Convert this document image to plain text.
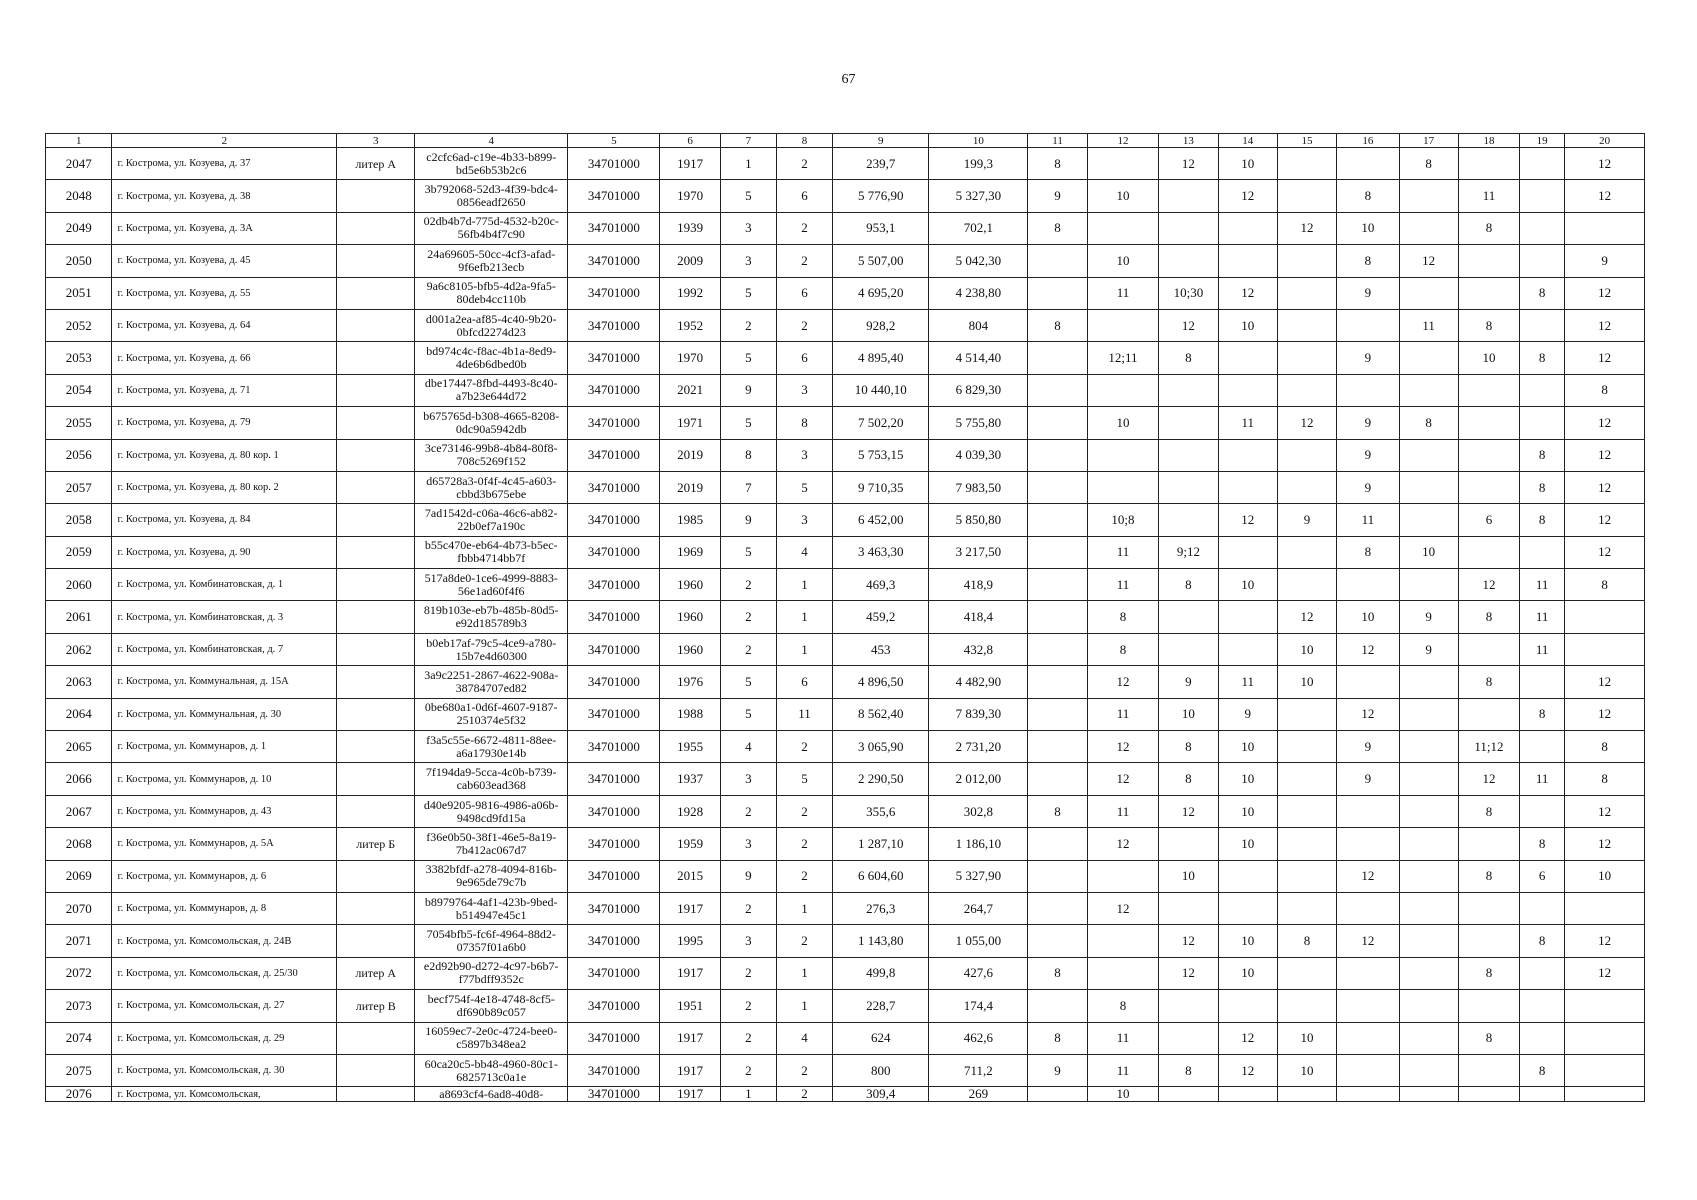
67
1	2	3	4	5	6	7	8	9	10	11	12	13	14	15	16	17	18	19	20
2047	г. Кострома, ул. Козуева, д. 37	литер А	c2cfc6ad-c19e-4b33-b899-bd5e6b53b2c6	34701000	1917	1	2	239,7	199,3	8		12	10			8			12
2048	г. Кострома, ул. Козуева, д. 38		3b792068-52d3-4f39-bdc4-0856eadf2650	34701000	1970	5	6	5 776,90	5 327,30	9	10		12		8		11		12
2049	г. Кострома, ул. Козуева, д. 3А		02db4b7d-775d-4532-b20c-56fb4b4f7c90	34701000	1939	3	2	953,1	702,1	8				12	10		8		
2050	г. Кострома, ул. Козуева, д. 45		24a69605-50cc-4cf3-afad-9f6efb213ecb	34701000	2009	3	2	5 507,00	5 042,30		10				8	12			9
2051	г. Кострома, ул. Козуева, д. 55		9a6c8105-bfb5-4d2a-9fa5-80deb4cc110b	34701000	1992	5	6	4 695,20	4 238,80		11	10;30	12		9			8	12
2052	г. Кострома, ул. Козуева, д. 64		d001a2ea-af85-4c40-9b20-0bfcd2274d23	34701000	1952	2	2	928,2	804	8		12	10			11	8		12
2053	г. Кострома, ул. Козуева, д. 66		bd974c4c-f8ac-4b1a-8ed9-4de6b6dbed0b	34701000	1970	5	6	4 895,40	4 514,40		12;11	8			9		10	8	12
2054	г. Кострома, ул. Козуева, д. 71		dbe17447-8fbd-4493-8c40-a7b23e644d72	34701000	2021	9	3	10 440,10	6 829,30										8
2055	г. Кострома, ул. Козуева, д. 79		b675765d-b308-4665-8208-0dc90a5942db	34701000	1971	5	8	7 502,20	5 755,80		10		11	12	9	8			12
2056	г. Кострома, ул. Козуева, д. 80 кор. 1		3ce73146-99b8-4b84-80f8-708c5269f152	34701000	2019	8	3	5 753,15	4 039,30						9			8	12
2057	г. Кострома, ул. Козуева, д. 80 кор. 2		d65728a3-0f4f-4c45-a603-cbbd3b675ebe	34701000	2019	7	5	9 710,35	7 983,50						9			8	12
2058	г. Кострома, ул. Козуева, д. 84		7ad1542d-c06a-46c6-ab82-22b0ef7a190c	34701000	1985	9	3	6 452,00	5 850,80		10;8		12	9	11		6	8	12
2059	г. Кострома, ул. Козуева, д. 90		b55c470e-eb64-4b73-b5ec-fbbb4714bb7f	34701000	1969	5	4	3 463,30	3 217,50		11	9;12			8	10			12
2060	г. Кострома, ул. Комбинатовская, д. 1		517a8de0-1ce6-4999-8883-56e1ad60f4f6	34701000	1960	2	1	469,3	418,9		11	8	10				12	11	8
2061	г. Кострома, ул. Комбинатовская, д. 3		819b103e-eb7b-485b-80d5-e92d185789b3	34701000	1960	2	1	459,2	418,4		8			12	10	9	8	11	
2062	г. Кострома, ул. Комбинатовская, д. 7		b0eb17af-79c5-4ce9-a780-15b7e4d60300	34701000	1960	2	1	453	432,8		8			10	12	9		11	
2063	г. Кострома, ул. Коммунальная, д. 15А		3a9c2251-2867-4622-908a-38784707ed82	34701000	1976	5	6	4 896,50	4 482,90		12	9	11	10			8		12
2064	г. Кострома, ул. Коммунальная, д. 30		0be680a1-0d6f-4607-9187-2510374e5f32	34701000	1988	5	11	8 562,40	7 839,30		11	10	9		12			8	12
2065	г. Кострома, ул. Коммунаров, д. 1		f3a5c55e-6672-4811-88ee-a6a17930e14b	34701000	1955	4	2	3 065,90	2 731,20		12	8	10		9		11;12		8
2066	г. Кострома, ул. Коммунаров, д. 10		7f194da9-5cca-4c0b-b739-cab603ead368	34701000	1937	3	5	2 290,50	2 012,00		12	8	10		9		12	11	8
2067	г. Кострома, ул. Коммунаров, д. 43		d40e9205-9816-4986-a06b-9498cd9fd15a	34701000	1928	2	2	355,6	302,8	8	11	12	10				8		12
2068	г. Кострома, ул. Коммунаров, д. 5А	литер Б	f36e0b50-38f1-46e5-8a19-7b412ac067d7	34701000	1959	3	2	1 287,10	1 186,10		12		10					8	12
2069	г. Кострома, ул. Коммунаров, д. 6		3382bfdf-a278-4094-816b-9e965de79c7b	34701000	2015	9	2	6 604,60	5 327,90			10			12		8	6	10
2070	г. Кострома, ул. Коммунаров, д. 8		b8979764-4af1-423b-9bed-b514947e45c1	34701000	1917	2	1	276,3	264,7		12								
2071	г. Кострома, ул. Комсомольская, д. 24В		7054bfb5-fc6f-4964-88d2-07357f01a6b0	34701000	1995	3	2	1 143,80	1 055,00			12	10	8	12			8	12
2072	г. Кострома, ул. Комсомольская, д. 25/30	литер А	e2d92b90-d272-4c97-b6b7-f77bdff9352c	34701000	1917	2	1	499,8	427,6	8		12	10				8		12
2073	г. Кострома, ул. Комсомольская, д. 27	литер В	becf754f-4e18-4748-8cf5-df690b89c057	34701000	1951	2	1	228,7	174,4		8								
2074	г. Кострома, ул. Комсомольская, д. 29		16059ec7-2e0c-4724-bee0-c5897b348ea2	34701000	1917	2	4	624	462,6	8	11		12	10			8		
2075	г. Кострома, ул. Комсомольская, д. 30		60ca20c5-bb48-4960-80c1-6825713c0a1e	34701000	1917	2	2	800	711,2	9	11	8	12	10				8	
2076	г. Кострома, ул. Комсомольская,		a8693cf4-6ad8-40d8-	34701000	1917	1	2	309,4	269		10								
